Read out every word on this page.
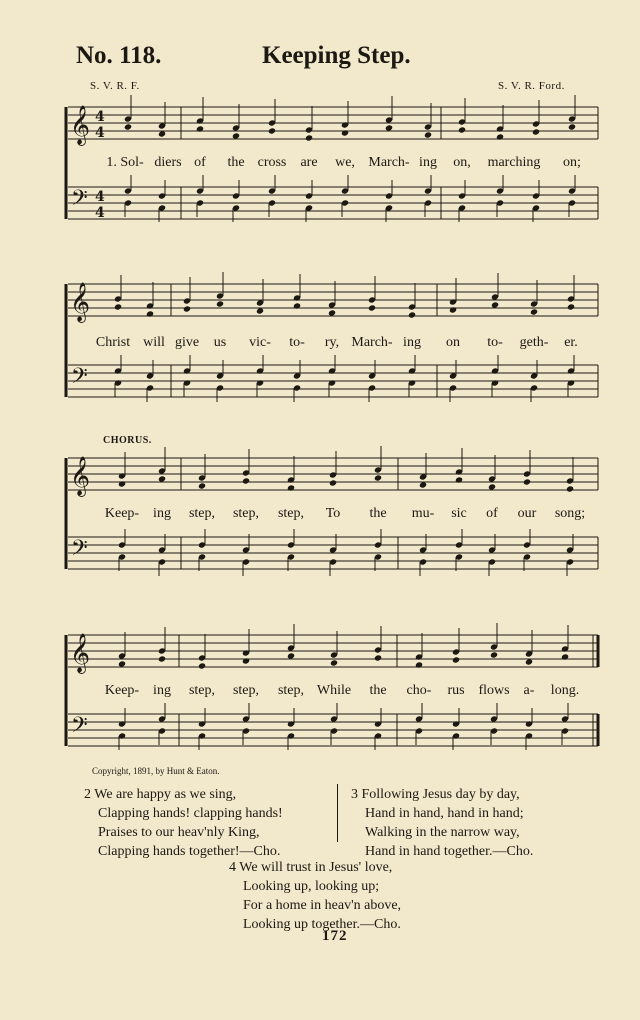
𝄞
𝄢
4
4
4
4
𝄞
𝄢
𝄞
𝄢
𝄞
𝄢
No. 118.	Keeping Step.
S. V. R. F.	S. V. R. Ford.
1. Sol- diers of the cross are we, March- ing on, marching on;
Christ will give us vic- to- ry, March- ing on to- geth- er.
CHORUS.
Keep- ing step, step, step, To the mu- sic of our song;
Keep- ing step, step, step, While the cho- rus flows a- long.
Copyright, 1891, by Hunt & Eaton.
2 We are happy as we sing,
Clapping hands! clapping hands!
Praises to our heav'nly King,
Clapping hands together!—Cho.
3 Following Jesus day by day,
Hand in hand, hand in hand;
Walking in the narrow way,
Hand in hand together.—Cho.
4 We will trust in Jesus' love,
Looking up, looking up;
For a home in heav'n above,
Looking up together.—Cho.
172
